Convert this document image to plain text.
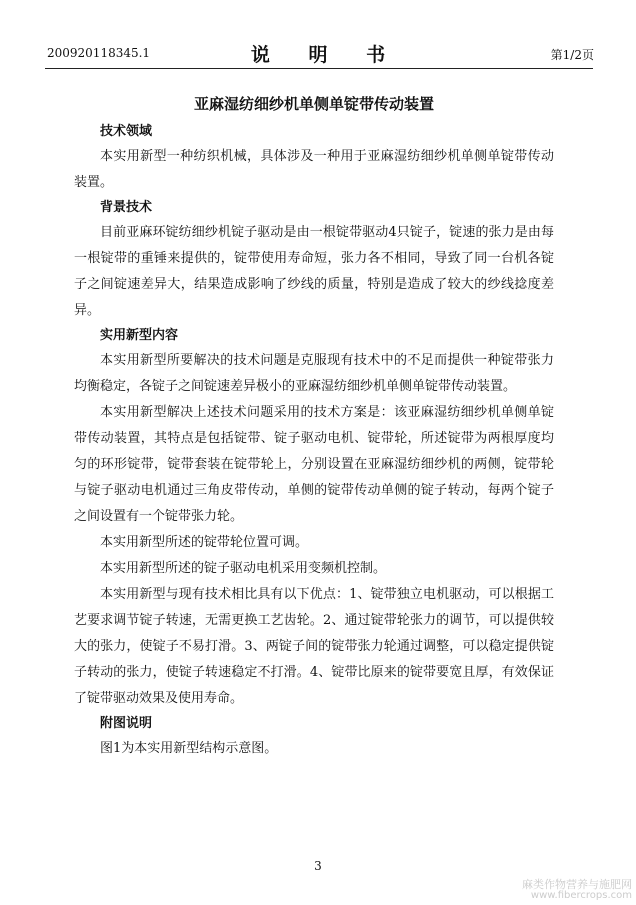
200920118345.1	说 明 书	第1/2页
亚麻湿纺细纱机单侧单锭带传动装置
技术领域

本实用新型一种纺织机械，具体涉及一种用于亚麻湿纺细纱机单侧单锭带传动装置。

背景技术

目前亚麻环锭纺细纱机锭子驱动是由一根锭带驱动4只锭子，锭速的张力是由每一根锭带的重锤来提供的，锭带使用寿命短，张力各不相同，导致了同一台机各锭子之间锭速差异大，结果造成影响了纱线的质量，特别是造成了较大的纱线捻度差异。

实用新型内容

本实用新型所要解决的技术问题是克服现有技术中的不足而提供一种锭带张力均衡稳定，各锭子之间锭速差异极小的亚麻湿纺细纱机单侧单锭带传动装置。

本实用新型解决上述技术问题采用的技术方案是：该亚麻湿纺细纱机单侧单锭带传动装置，其特点是包括锭带、锭子驱动电机、锭带轮，所述锭带为两根厚度均匀的环形锭带，锭带套装在锭带轮上，分别设置在亚麻湿纺细纱机的两侧，锭带轮与锭子驱动电机通过三角皮带传动，单侧的锭带传动单侧的锭子转动，每两个锭子之间设置有一个锭带张力轮。

本实用新型所述的锭带轮位置可调。

本实用新型所述的锭子驱动电机采用变频机控制。

本实用新型与现有技术相比具有以下优点：1、锭带独立电机驱动，可以根据工艺要求调节锭子转速，无需更换工艺齿轮。2、通过锭带轮张力的调节，可以提供较大的张力，使锭子不易打滑。3、两锭子间的锭带张力轮通过调整，可以稳定提供锭子转动的张力，使锭子转速稳定不打滑。4、锭带比原来的锭带要宽且厚，有效保证了锭带驱动效果及使用寿命。

附图说明

图1为本实用新型结构示意图。

3
麻类作物营养与施肥网
www.fibercrops.com
